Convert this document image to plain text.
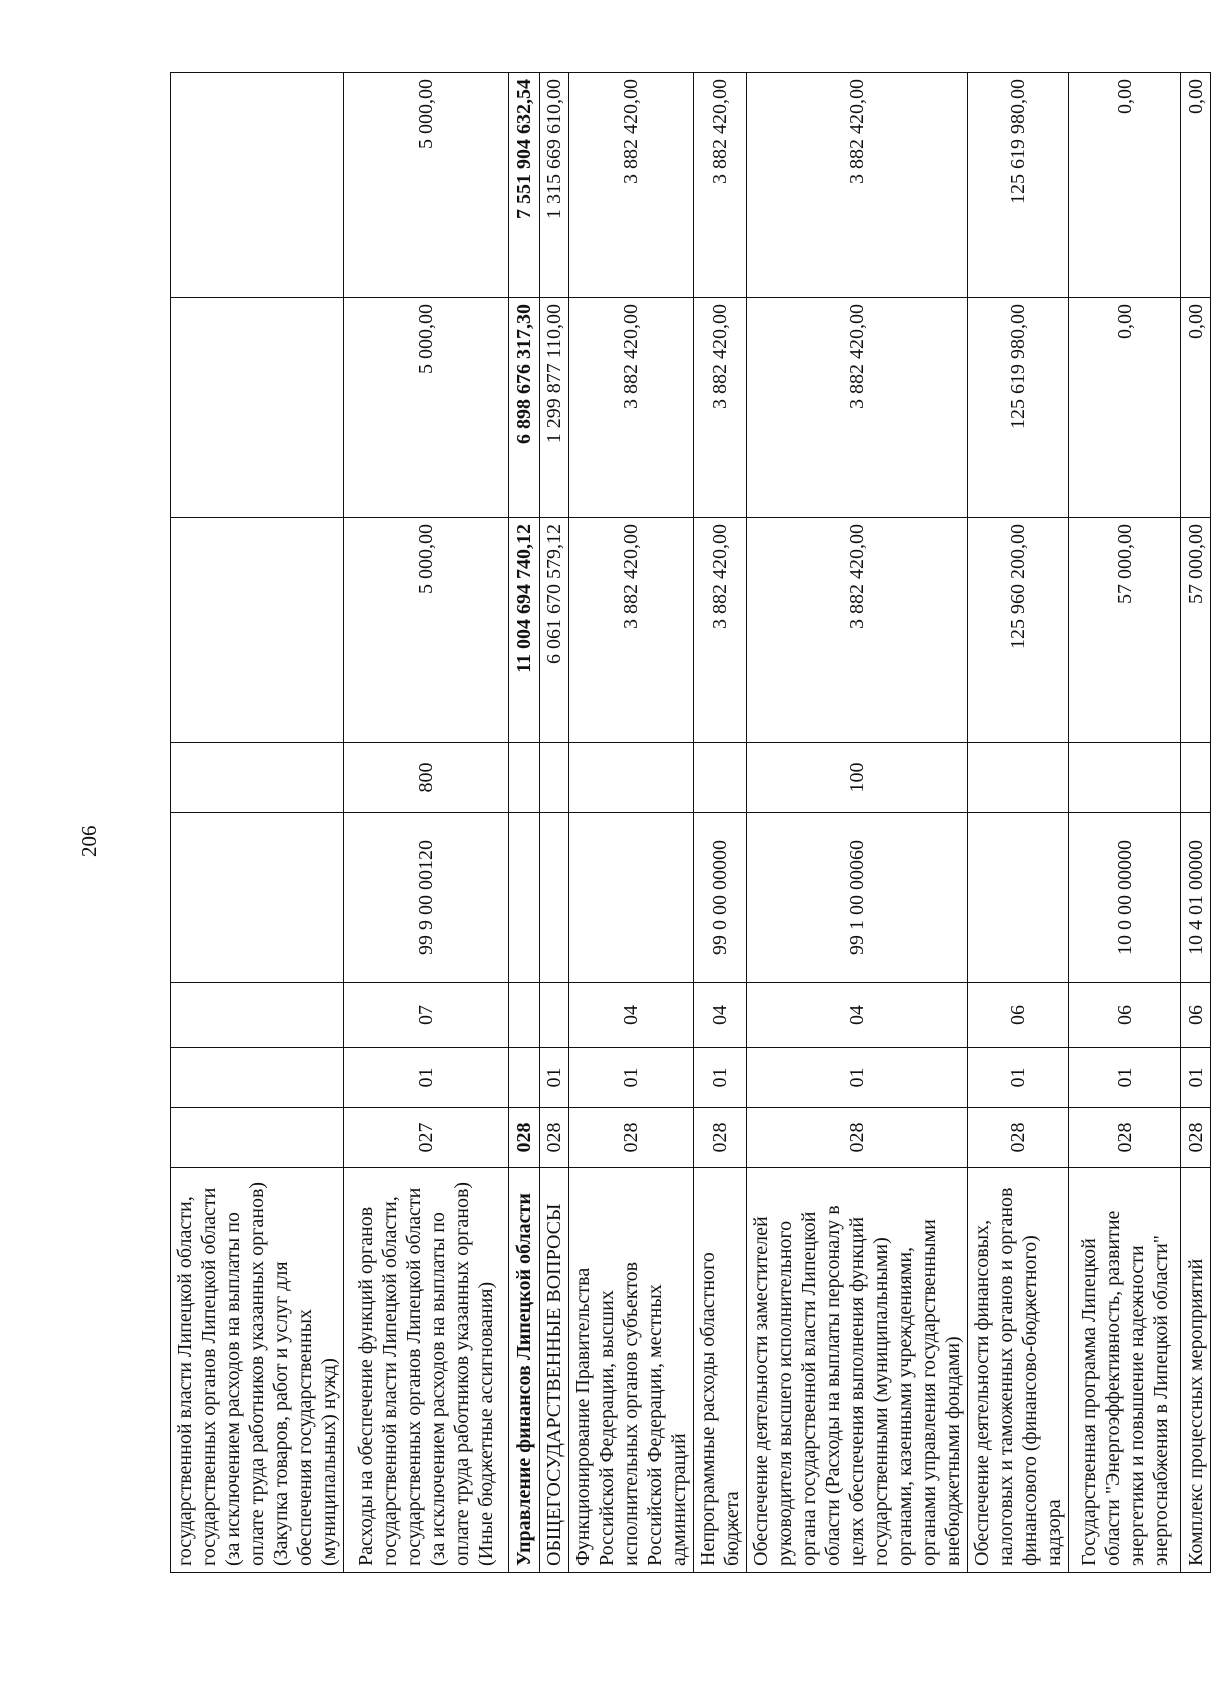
206
государственной власти Липецкой области, государственных органов Липецкой области (за исключением расходов на выплаты по оплате труда работников указанных органов) (Закупка товаров, работ и услуг для обеспечения государственных (муниципальных) нужд)								
Расходы на обеспечение функций органов государственной власти Липецкой области, государственных органов Липецкой области (за исключением расходов на выплаты по оплате труда работников указанных органов) (Иные бюджетные ассигнования)	027	01	07	99 9 00 00120	800	5 000,00	5 000,00	5 000,00
Управление финансов Липецкой области	028					11 004 694 740,12	6 898 676 317,30	7 551 904 632,54
ОБЩЕГОСУДАРСТВЕННЫЕ ВОПРОСЫ	028	01				6 061 670 579,12	1 299 877 110,00	1 315 669 610,00
Функционирование Правительства Российской Федерации, высших исполнительных органов субъектов Российской Федерации, местных администраций	028	01	04			3 882 420,00	3 882 420,00	3 882 420,00
Непрограммные расходы областного бюджета	028	01	04	99 0 00 00000		3 882 420,00	3 882 420,00	3 882 420,00
Обеспечение деятельности заместителей руководителя высшего исполнительного органа государственной власти Липецкой области (Расходы на выплаты персоналу в целях обеспечения выполнения функций государственными (муниципальными) органами, казенными учреждениями, органами управления государственными внебюджетными фондами)	028	01	04	99 1 00 00060	100	3 882 420,00	3 882 420,00	3 882 420,00
Обеспечение деятельности финансовых, налоговых и таможенных органов и органов финансового (финансово-бюджетного) надзора	028	01	06			125 960 200,00	125 619 980,00	125 619 980,00
Государственная программа Липецкой области "Энергоэффективность, развитие энергетики и повышение надежности энергоснабжения в Липецкой области"	028	01	06	10 0 00 00000		57 000,00	0,00	0,00
Комплекс процессных мероприятий	028	01	06	10 4 01 00000		57 000,00	0,00	0,00
